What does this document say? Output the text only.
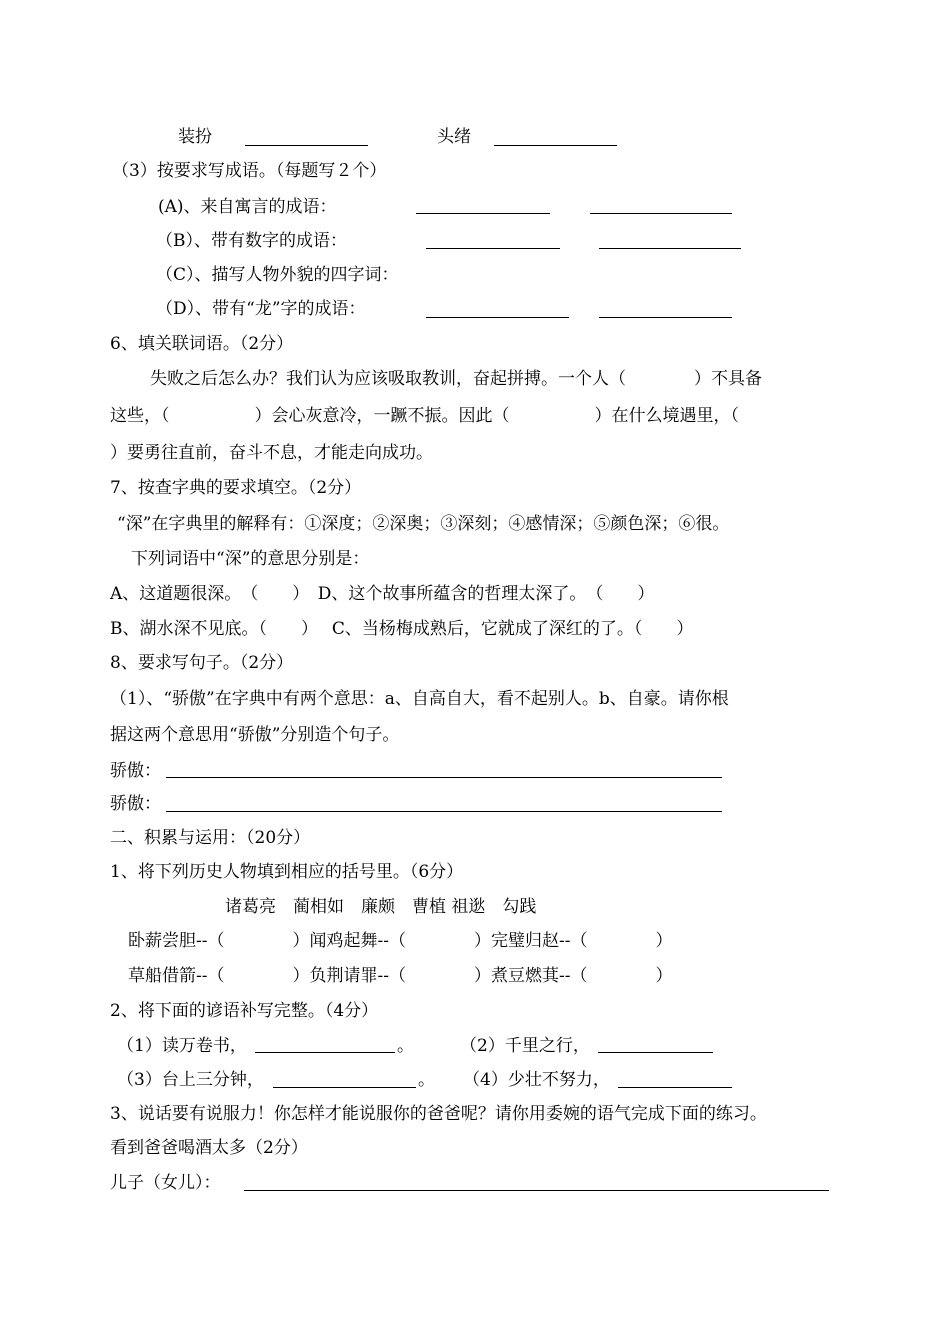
装扮	头绪
（3）按要求写成语。（每题写２个）
(A)、来自寓言的成语：
（B）、带有数字的成语：
（C）、描写人物外貌的四字词：
（D）、带有“龙”字的成语：
6、填关联词语。（2分）
失败之后怎么办？我们认为应该吸取教训，奋起拼搏。一个人（　　　　）不具备
这些，（　　　　　）会心灰意冷，一蹶不振。因此（　　　　　）在什么境遇里，（
）要勇往直前，奋斗不息，才能走向成功。
7、按查字典的要求填空。（2分）
“深”在字典里的解释有：①深度；②深奥；③深刻；④感情深；⑤颜色深；⑥很。
下列词语中“深”的意思分别是：
A、这道题很深。　（　　）　D、这个故事所蕴含的哲理太深了。　（　　）
B、湖水深不见底。（　　）　 C、当杨梅成熟后，它就成了深红的了。（　　）
8、要求写句子。（2分）
（1）、“骄傲”在字典中有两个意思：a、自高自大，看不起别人。b、自豪。请你根
据这两个意思用“骄傲”分别造个句子。
骄傲：
骄傲：
二、积累与运用：（20分）
1、将下列历史人物填到相应的括号里。（6分）
诸葛亮　蔺相如　廉颇　曹植 祖逖　勾践
卧薪尝胆--（　　　　）闻鸡起舞--（　　　　）完璧归赵--（　　　　）
草船借箭--（　　　　）负荆请罪--（　　　　）煮豆燃萁--（　　　　）
2、将下面的谚语补写完整。（4分）
（1）读万卷书，	。	（2）千里之行，
（3）台上三分钟，	。 （4）少壮不努力，
3、说话要有说服力！你怎样才能说服你的爸爸呢？请你用委婉的语气完成下面的练习。
看到爸爸喝酒太多（2分）
儿子（女儿）：
